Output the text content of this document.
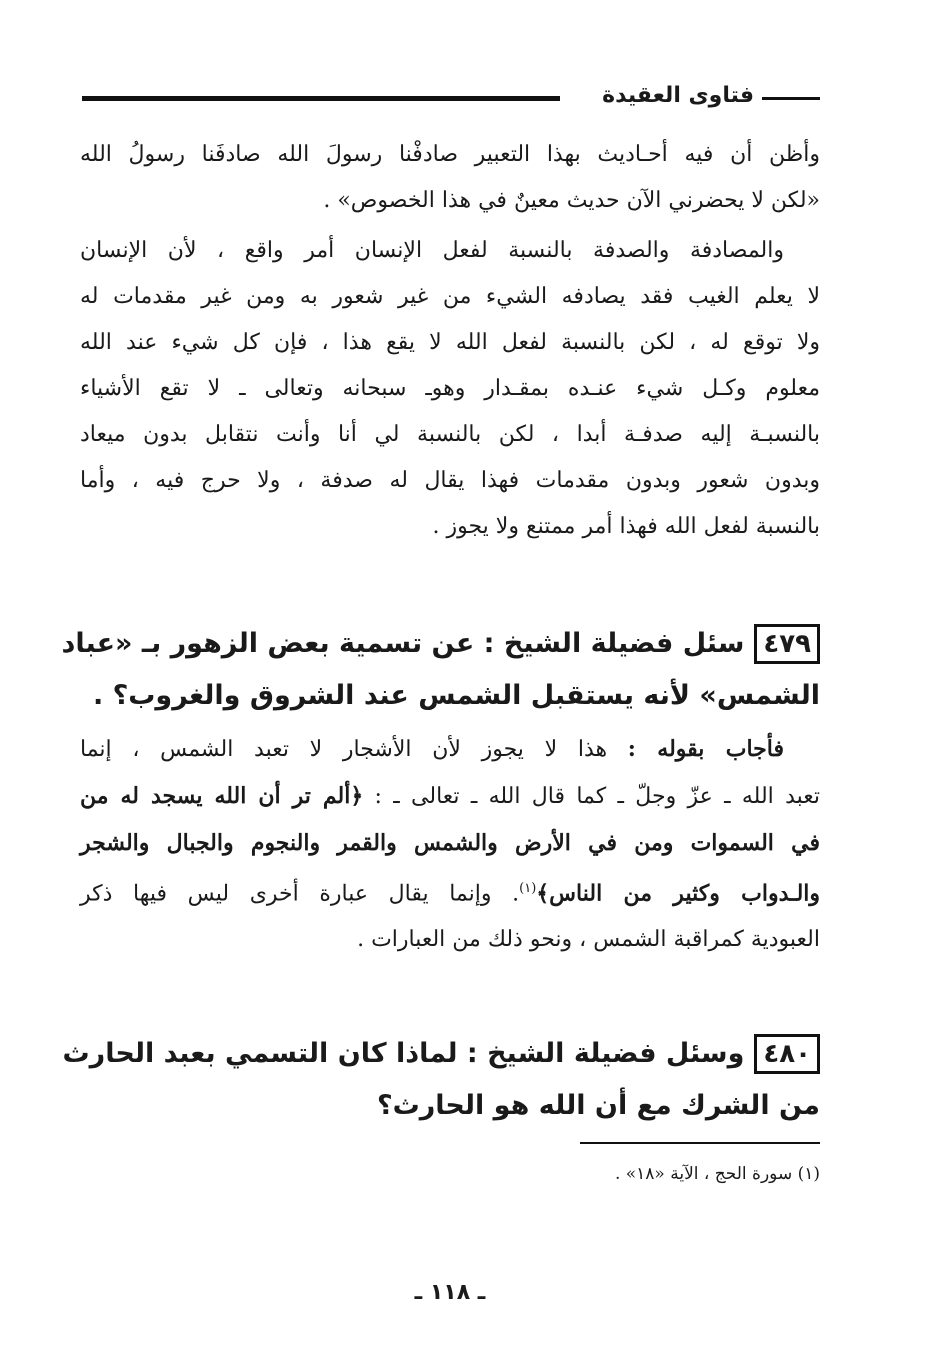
فتاوى العقيدة
وأظن أن فيه أحـاديث بهذا التعبير صادفْنا رسولَ الله صادفَنا رسولُ الله
«لكن لا يحضرني الآن حديث معينٌ في هذا الخصوص» .
والمصادفة والصدفة بالنسبة لفعل الإنسان أمر واقع ، لأن الإنسان
لا يعلم الغيب فقد يصادفه الشيء من غير شعور به ومن غير مقدمات له
ولا توقع له ، لكن بالنسبة لفعل الله لا يقع هذا ، فإن كل شيء عند الله
معلوم وكـل شيء عنـده بمقـدار وهوـ سبحانه وتعالى ـ لا تقع الأشياء
بالنسبـة إليه صدفـة أبدا ، لكن بالنسبة لي أنا وأنت نتقابل بدون ميعاد
وبدون شعور وبدون مقدمات فهذا يقال له صدفة ، ولا حرج فيه ، وأما
بالنسبة لفعل الله فهذا أمر ممتنع ولا يجوز .
٤٧٩سئل فضيلة الشيخ : عن تسمية بعض الزهور بـ «عباد
الشمس» لأنه يستقبل الشمس عند الشروق والغروب؟ .
فأجاب بقوله : هذا لا يجوز لأن الأشجار لا تعبد الشمس ، إنما
تعبد الله ـ عزّ وجلّ ـ كما قال الله ـ تعالى ـ : ﴿ألم تر أن الله يسجد له من
في السموات ومن في الأرض والشمس والقمر والنجوم والجبال والشجر
والـدواب وكثير من الناس﴾$^{(١)}$. وإنما يقال عبارة أخرى ليس فيها ذكر
العبودية كمراقبة الشمس ، ونحو ذلك من العبارات .
٤٨٠وسئل فضيلة الشيخ : لماذا كان التسمي بعبد الحارث
من الشرك مع أن الله هو الحارث؟
(١) سورة الحج ، الآية «١٨» .
ـ ١١٨ ـ
